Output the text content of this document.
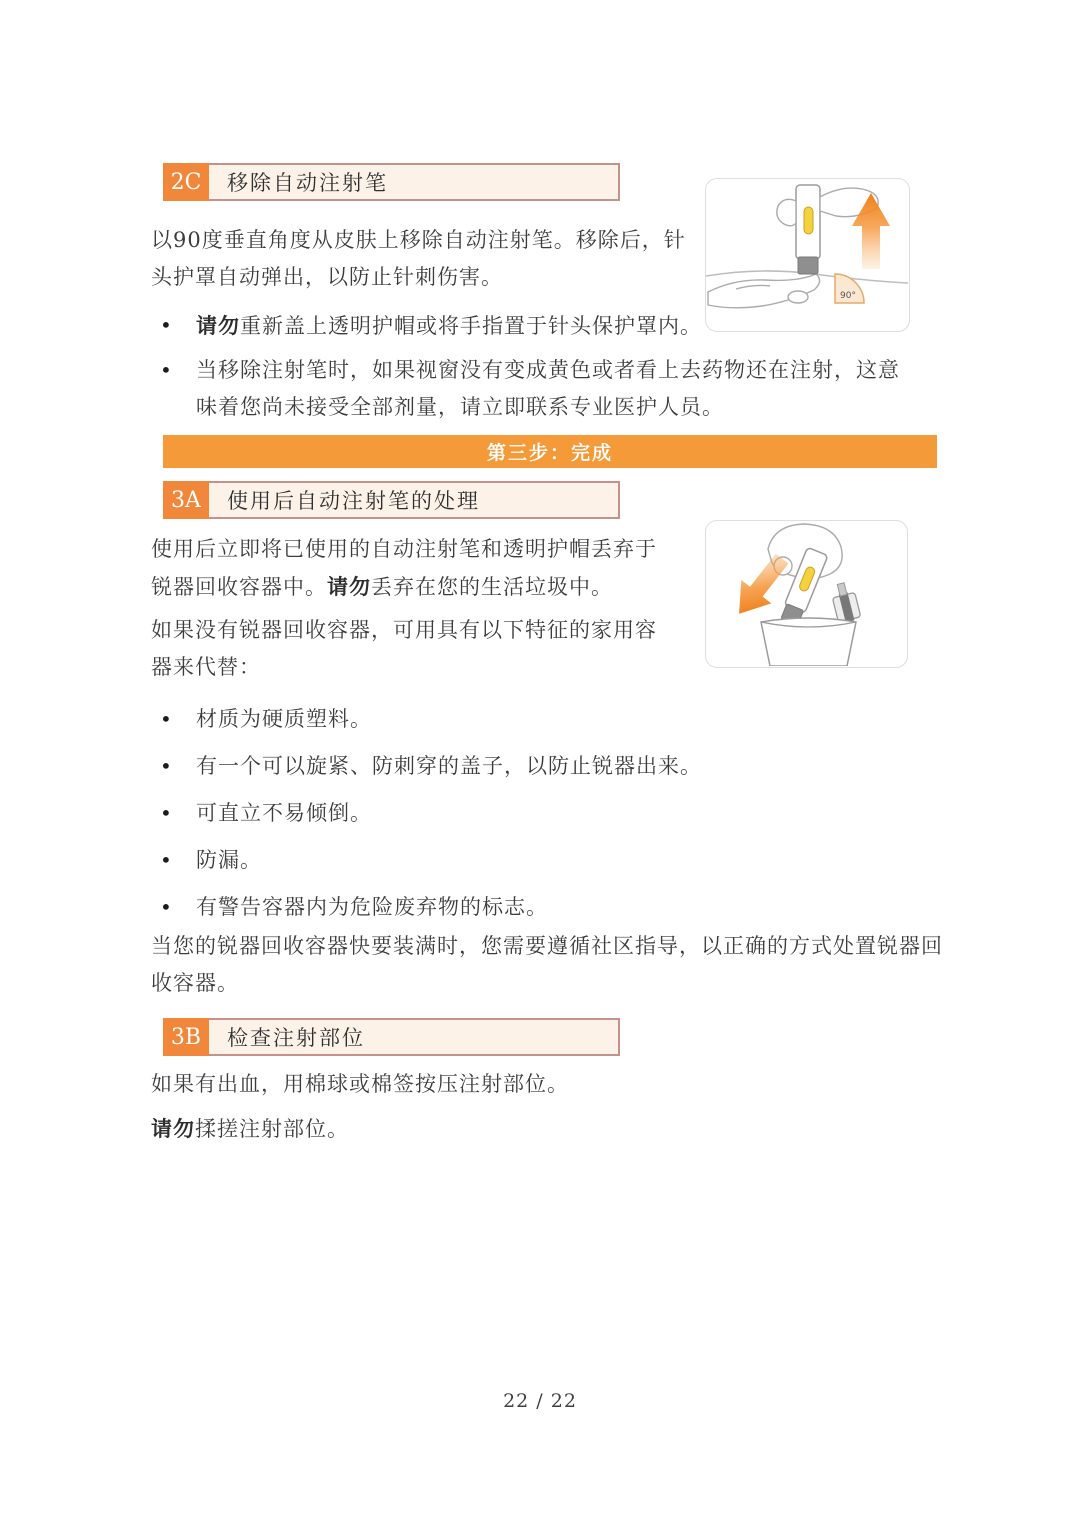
2C	移除自动注射笔
90°

以90度垂直角度从皮肤上移除自动注射笔。移除后，针头护罩自动弹出，以防止针刺伤害。

• 请勿重新盖上透明护帽或将手指置于针头保护罩内。
• 当移除注射笔时，如果视窗没有变成黄色或者看上去药物还在注射，这意味着您尚未接受全部剂量，请立即联系专业医护人员。
第三步：完成
3A	使用后自动注射笔的处理

使用后立即将已使用的自动注射笔和透明护帽丢弃于锐器回收容器中。请勿丢弃在您的生活垃圾中。

如果没有锐器回收容器，可用具有以下特征的家用容器来代替：

• 材质为硬质塑料。
• 有一个可以旋紧、防刺穿的盖子，以防止锐器出来。
• 可直立不易倾倒。
• 防漏。
• 有警告容器内为危险废弃物的标志。

当您的锐器回收容器快要装满时，您需要遵循社区指导，以正确的方式处置锐器回收容器。

3B	检查注射部位

如果有出血，用棉球或棉签按压注射部位。

请勿揉搓注射部位。

22 / 22
